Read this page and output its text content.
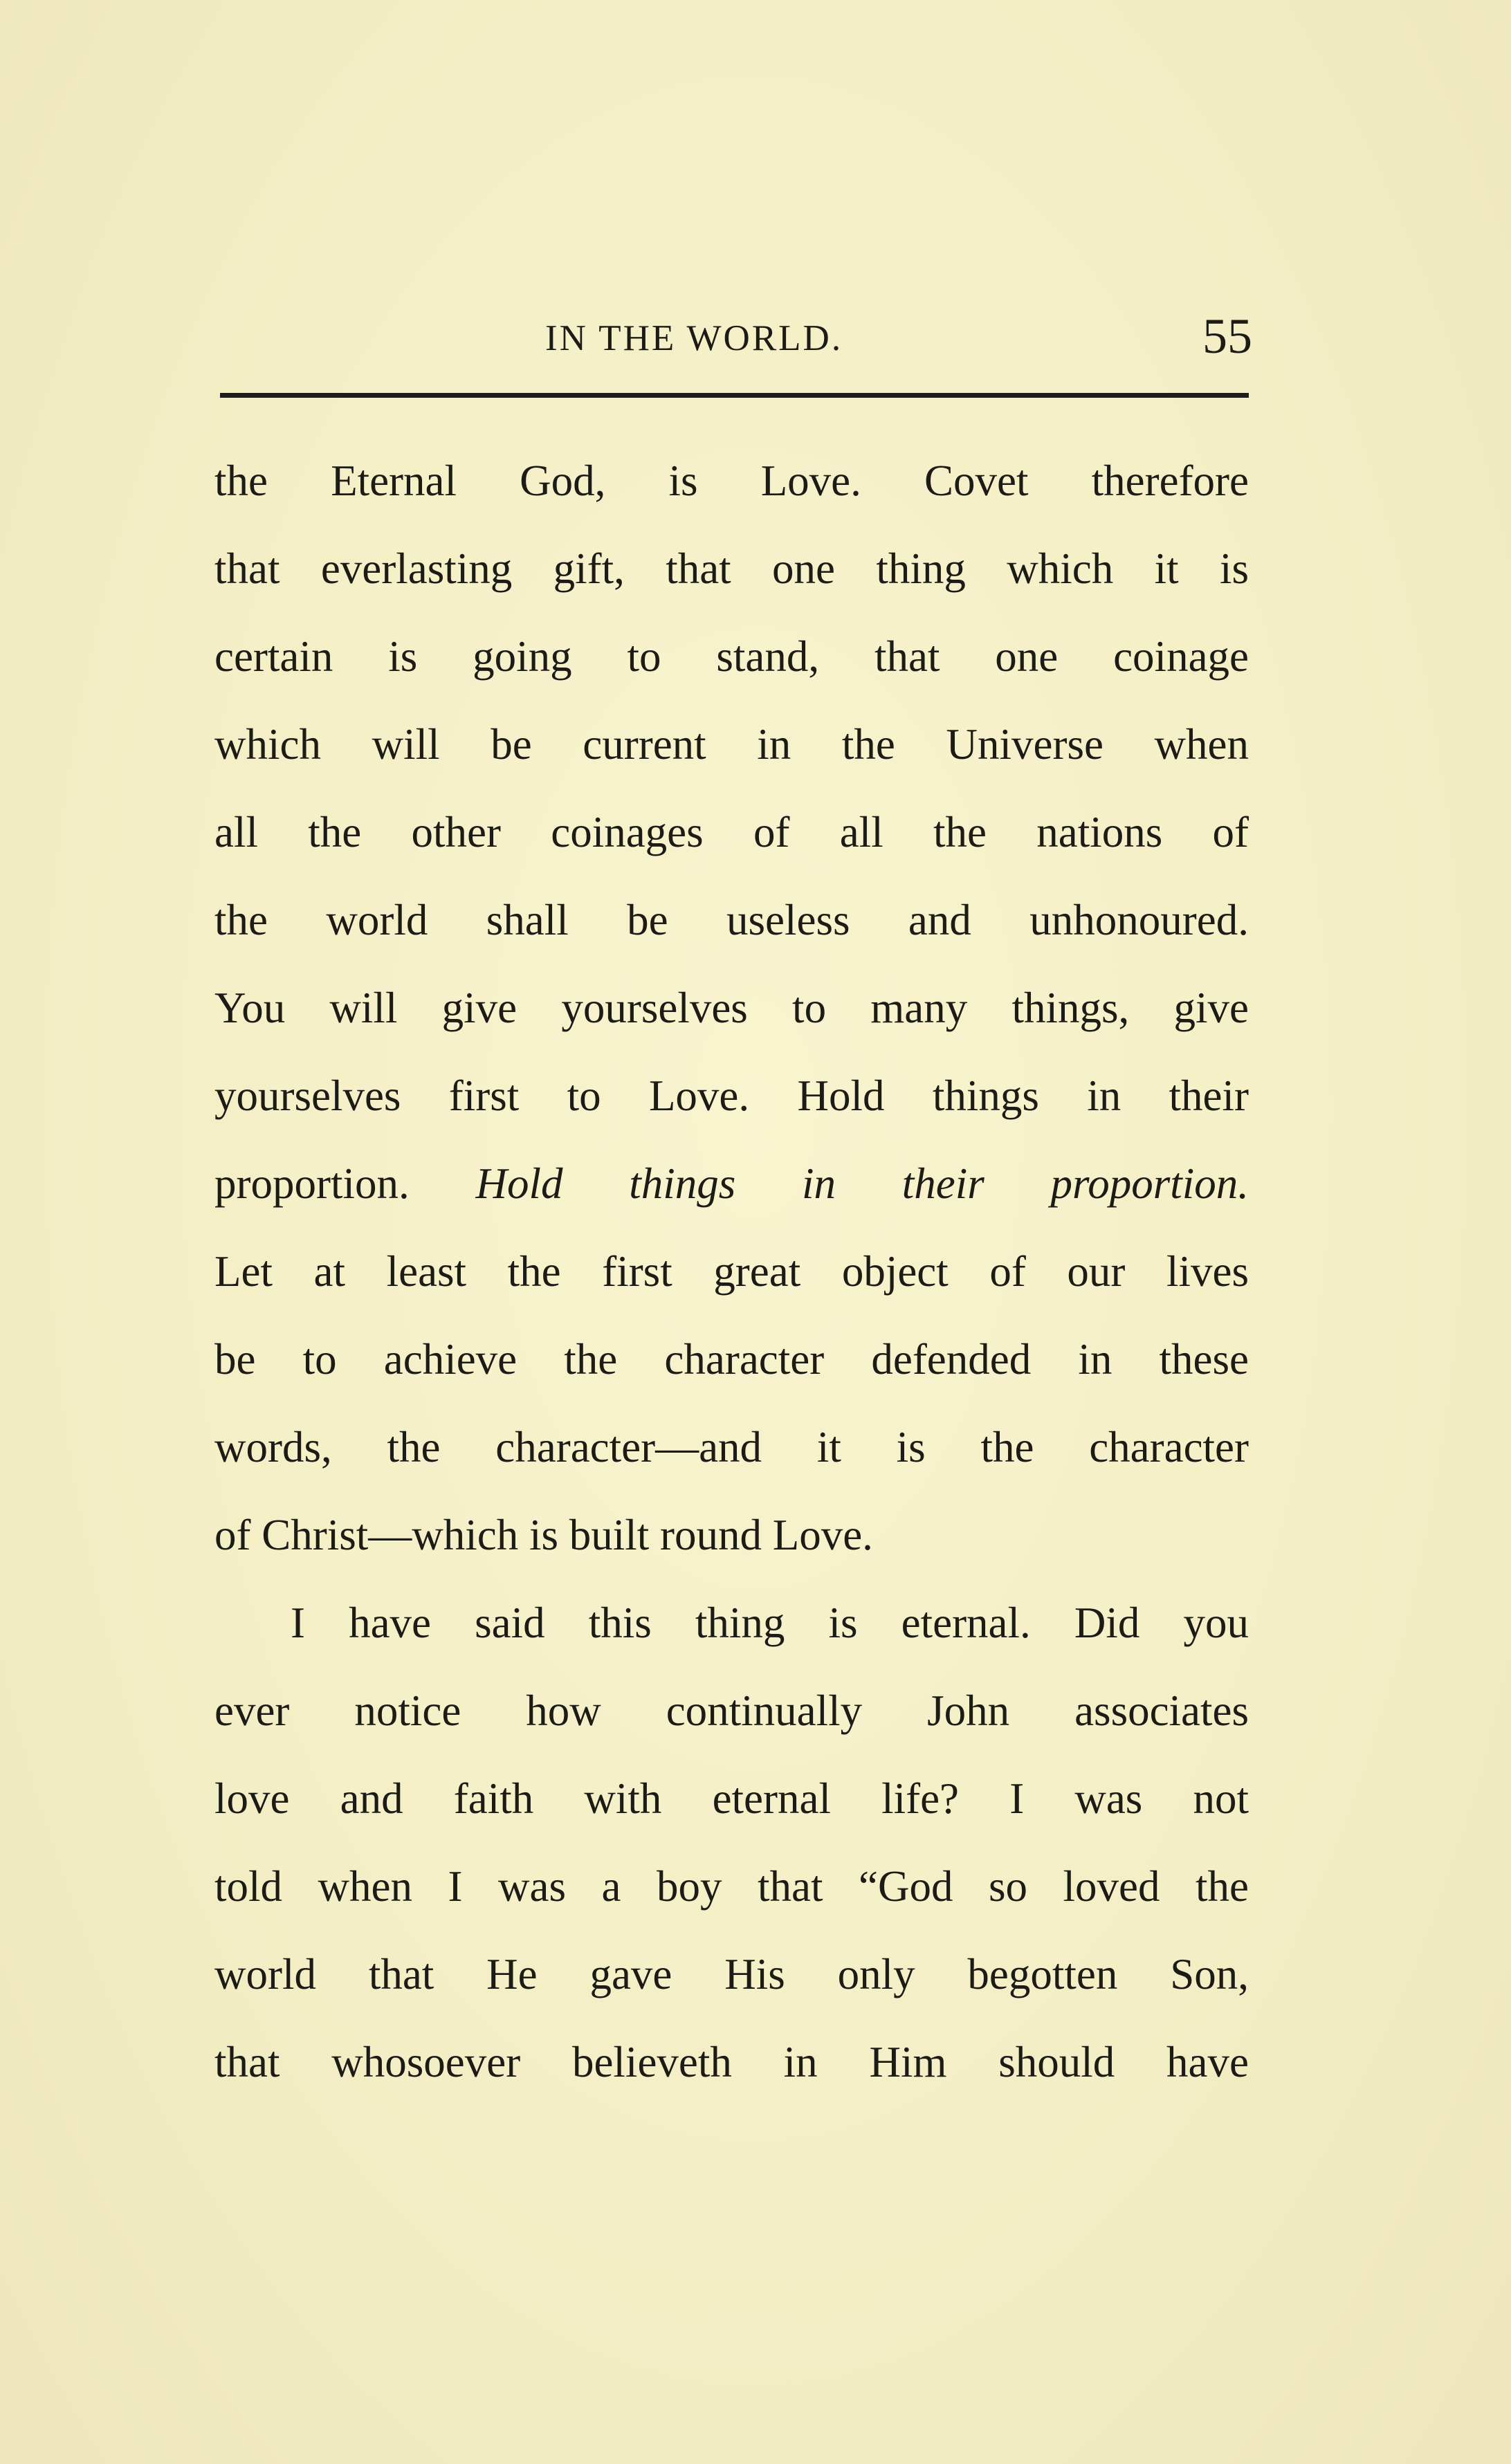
IN THE WORLD.	55
the Eternal God, is Love. Covet therefore
that everlasting gift, that one thing which it is
certain is going to stand, that one coinage
which will be current in the Universe when
all the other coinages of all the nations of
the world shall be useless and unhonoured.
You will give yourselves to many things, give
yourselves first to Love. Hold things in their
proportion. Hold things in their proportion.
Let at least the first great object of our lives
be to achieve the character defended in these
words, the character—and it is the character
of Christ—which is built round Love.
I have said this thing is eternal. Did you
ever notice how continually John associates
love and faith with eternal life? I was not
told when I was a boy that “God so loved the
world that He gave His only begotten Son,
that whosoever believeth in Him should have
